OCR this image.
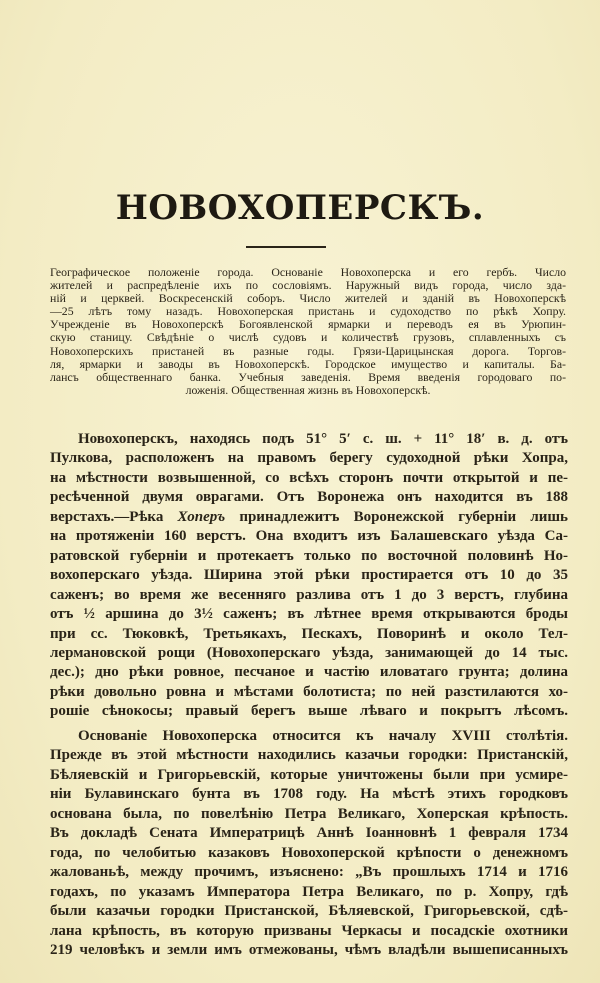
НОВОХОПЕРСКЪ.
Географическое положеніе города. Основаніе Новохоперска и его гербъ. Число
жителей и распредѣленіе ихъ по сословіямъ. Наружный видъ города, число зда-
ній и церквей. Воскресенскій соборъ. Число жителей и зданій въ Новохоперскѣ
—25 лѣтъ тому назадъ. Новохоперская пристань и судоходство по рѣкѣ Хопру.
Учрежденіе въ Новохоперскѣ Богоявленской ярмарки и переводъ ея въ Урюпин-
скую станицу. Свѣдѣніе о числѣ судовъ и количествѣ грузовъ, сплавленныхъ съ
Новохоперскихъ пристаней въ разные годы. Грязи-Царицынская дорога. Торгов-
ля, ярмарки и заводы въ Новохоперскѣ. Городское имущество и капиталы. Ба-
лансъ общественнаго банка. Учебныя заведенія. Время введенія городоваго по-
ложенія. Общественная жизнь въ Новохоперскѣ.
Новохоперскъ, находясь подъ 51° 5′ с. ш. + 11° 18′ в. д. отъ
Пулкова, расположенъ на правомъ берегу судоходной рѣки Хопра,
на мѣстности возвышенной, со всѣхъ сторонъ почти открытой и пе-
ресѣченной двумя оврагами. Отъ Воронежа онъ находится въ 188
верстахъ.—Рѣка Хоперъ принадлежитъ Воронежской губерніи лишь
на протяженіи 160 верстъ. Она входитъ изъ Балашевскаго уѣзда Са-
ратовской губерніи и протекаетъ только по восточной половинѣ Но-
вохоперскаго уѣзда. Ширина этой рѣки простирается отъ 10 до 35
саженъ; во время же весенняго разлива отъ 1 до 3 верстъ, глубина
отъ ½ аршина до 3½ саженъ; въ лѣтнее время открываются броды
при сс. Тюковкѣ, Третьякахъ, Пескахъ, Поворинѣ и около Тел-
лермановской рощи (Новохоперскаго уѣзда, занимающей до 14 тыс.
дес.); дно рѣки ровное, песчаное и частію иловатаго грунта; долина
рѣки довольно ровна и мѣстами болотиста; по ней разстилаются хо-
рошіе сѣнокосы; правый берегъ выше лѣваго и покрытъ лѣсомъ.
Основаніе Новохоперска относится къ началу XVIII столѣтія.
Прежде въ этой мѣстности находились казачьи городки: Пристанскій,
Бѣляевскій и Григорьевскій, которые уничтожены были при усмире-
ніи Булавинскаго бунта въ 1708 году. На мѣстѣ этихъ городковъ
основана была, по повелѣнію Петра Великаго, Хоперская крѣпость.
Въ докладѣ Сената Императрицѣ Аннѣ Іоанновнѣ 1 февраля 1734
года, по челобитью казаковъ Новохоперской крѣпости о денежномъ
жалованьѣ, между прочимъ, изъяснено: „Въ прошлыхъ 1714 и 1716
годахъ, по указамъ Императора Петра Великаго, по р. Хопру, гдѣ
были казачьи городки Пристанской, Бѣляевской, Григорьевской, сдѣ-
лана крѣпость, въ которую призваны Черкасы и посадскіе охотники
219 человѣкъ и земли имъ отмежованы, чѣмъ владѣли вышеписанныхъ
